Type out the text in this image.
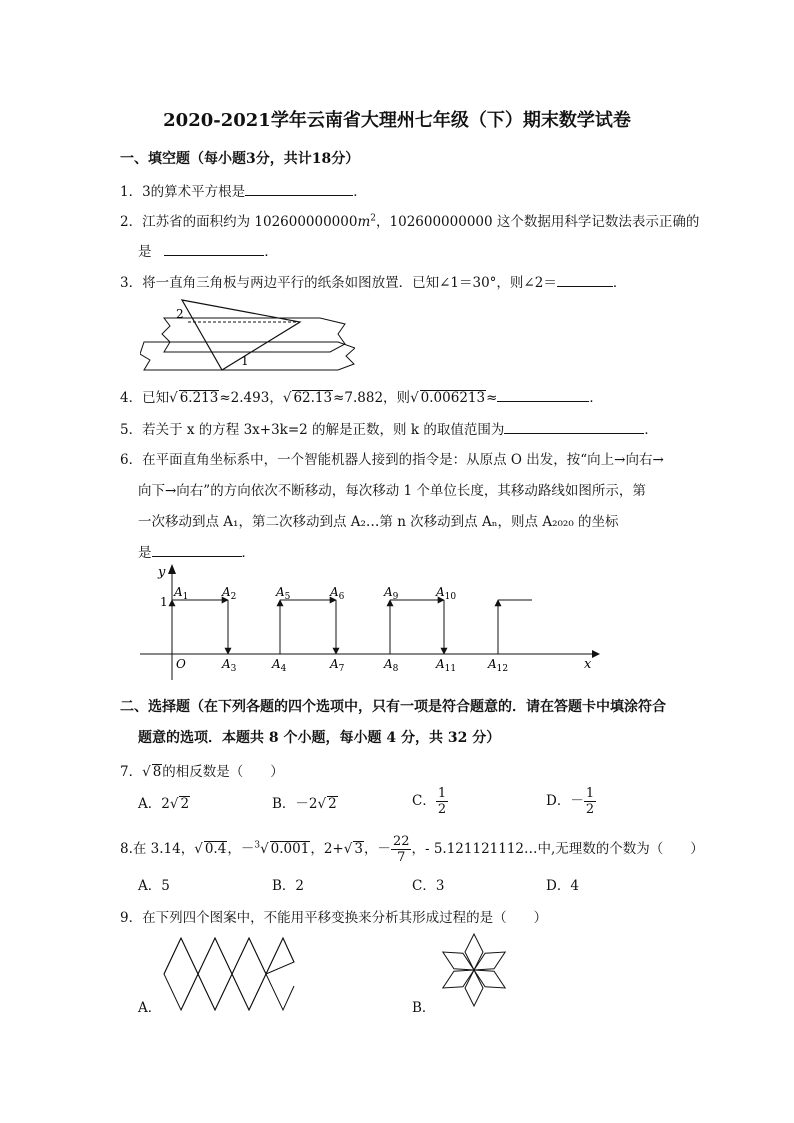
2020-2021学年云南省大理州七年级（下）期末数学试卷
一、填空题（每小题3分，共计18分）
1．3的算术平方根是	．
2．江苏省的面积约为 $102600000000m^2$，102600000000 这个数据用科学记数法表示正确的
是	．
3．将一直角三角板与两边平行的纸条如图放置．已知∠1＝30°，则∠2＝	．
2
1
4．已知√ 6.213≈2.493，√ 62.13≈7.882，则√ 0.006213≈	．
5．若关于 x 的方程 3x+3k=2 的解是正数，则 k 的取值范围为	．
6．在平面直角坐标系中，一个智能机器人接到的指令是：从原点 O 出发，按“向上→向右→
向下→向右”的方向依次不断移动，每次移动 1 个单位长度，其移动路线如图所示，第
一次移动到点 A₁，第二次移动到点 A₂…第 n 次移动到点 Aₙ，则点 A₂₀₂₀ 的坐标
是	．
y
x
O
1
$A_1$	$A_2$	$A_5$	$A_6$	$A_9$	$A_{10}$
$A_3$	$A_4$	$A_7$	$A_8$	$A_{11}$	$A_{12}$
二、选择题（在下列各题的四个选项中，只有一项是符合题意的．请在答题卡中填涂符合
题意的选项．本题共 8 个小题，每小题 4 分，共 32 分）
7．√ 8的相反数是（　　）
A．2√ 2	B．－2√ 2	C． $\frac{1}{2}$	D．－ $\frac{1}{2}$
8.在 3.14，√ 0.4，－$^3$√ 0.001，2+√ 3，－ $\frac{22}{7}$ ，- 5.121121112…中,无理数的个数为（　　）
A．5	B．2	C．3	D．4
9．在下列四个图案中，不能用平移变换来分析其形成过程的是（　　）
A．	B．
